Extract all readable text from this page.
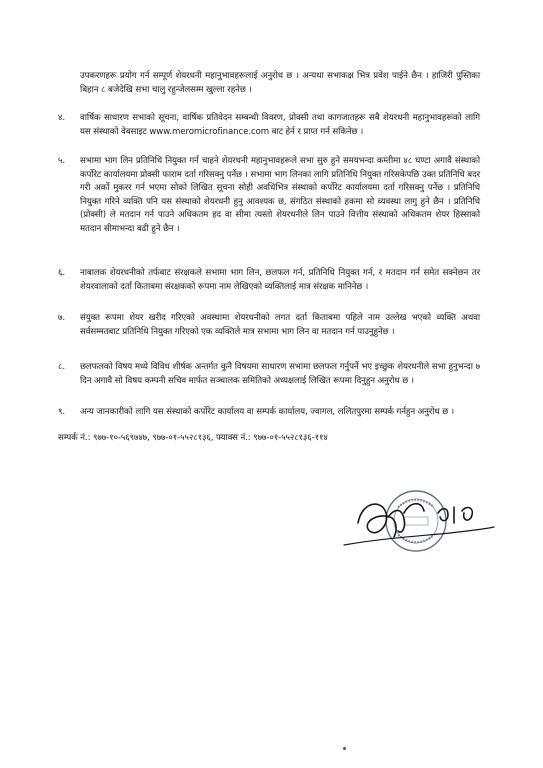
उपकरणहरू प्रयोग गर्न सम्पूर्ण शेयरधनी महानुभावहरूलाई अनुरोध छ । अन्यथा सभाकक्ष भित्र प्रवेश पाईने छैन । हाजिरी पुस्तिका बिहान ८ बजेदेखि सभा चालु रहुन्जेलसम्म खुल्ला रहनेछ ।

४. वार्षिक साधारण सभाको सूचना, वार्षिक प्रतिवेदन सम्बन्धी विवरण, प्रोक्सी तथा कागजातहरू सबै शेयरधनी महानुभावहरूको लागि यस संस्थाको वेबसाइट www.meromicrofinance.com बाट हेर्न र प्राप्त गर्न सकिनेछ ।
५. सभामा भाग लिन प्रतिनिधि नियुक्त गर्न चाहने शेयरधनी महानुभावहरूले सभा सुरु हुने समयभन्दा कम्तीमा ४८ घण्टा अगावै संस्थाको कर्पोरेट कार्यालयमा प्रोक्सी फाराम दर्ता गरिसक्नु पर्नेछ । सभामा भाग लिनका लागि प्रतिनिधि नियुक्त गरिसकेपछि उक्त प्रतिनिधि बदर गरी अर्को मुकरर गर्न भएमा सोको लिखित सूचना सोही अवधिभित्र संस्थाको कर्पोरेट कार्यालयमा दर्ता गरिसक्नु पर्नेछ । प्रतिनिधि नियुक्त गरिने व्यक्ति पनि यस संस्थाको शेयरधनी हुनु आवश्यक छ, संगठित संस्थाको हकमा सो व्यवस्था लागु हुने छैन । प्रतिनिधि (प्रोक्सी) ले मतदान गर्न पाउने अधिकतम हद वा सीमा त्यस्तो शेयरधनीले लिन पाउने वित्तीय संस्थाको अधिकतम शेयर हिस्साको मतदान सीमाभन्दा बढी हुने छैन ।
६. नाबालक शेयरधनीको तर्फबाट संरक्षकले सभामा भाग लिन, छलफल गर्न, प्रतिनिधि नियुक्त गर्न, र मतदान गर्न समेत सक्नेछन तर शेयरवालाको दर्ता किताबमा संरक्षकको रूपमा नाम लेखिएको व्यक्तिलाई मात्र संरक्षक मानिनेछ ।
७. संयुक्त रूपमा शेयर खरीद गरिएको अवस्थामा शेयरधनीको लगत दर्ता किताबमा पहिले नाम उल्लेख भएको व्यक्ति अथवा सर्वसम्मतबाट प्रतिनिधि नियुक्त गरिएको एक व्यक्तिले मात्र सभामा भाग लिन वा मतदान गर्न पाउनुहुनेछ ।
८. छलफलको विषय मध्ये विविध शीर्षक अन्तर्गत कुनै विषयमा साधारण सभामा छलफल गर्नुपर्ने भए इच्छुक शेयरधनीले सभा हुनुभन्दा ७ दिन अगावै सो विषय कम्पनी सचिव मार्फत सञ्चालक समितिको अध्यक्षलाई लिखित रूपमा दिनुहुन अनुरोध छ ।
९. अन्य जानकारीको लागि यस संस्थाको कर्पोरेट कार्यालय वा सम्पर्क कार्यालय, ज्वागल, ललितपुरमा सम्पर्क गर्नहुन अनुरोध छ ।

सम्पर्क नं.: ९७७-१०-५६९७४७, ९७७-०१-५५२८१३६, फ्याक्स नं.: ९७७-०१-५५२८१३६-११४
